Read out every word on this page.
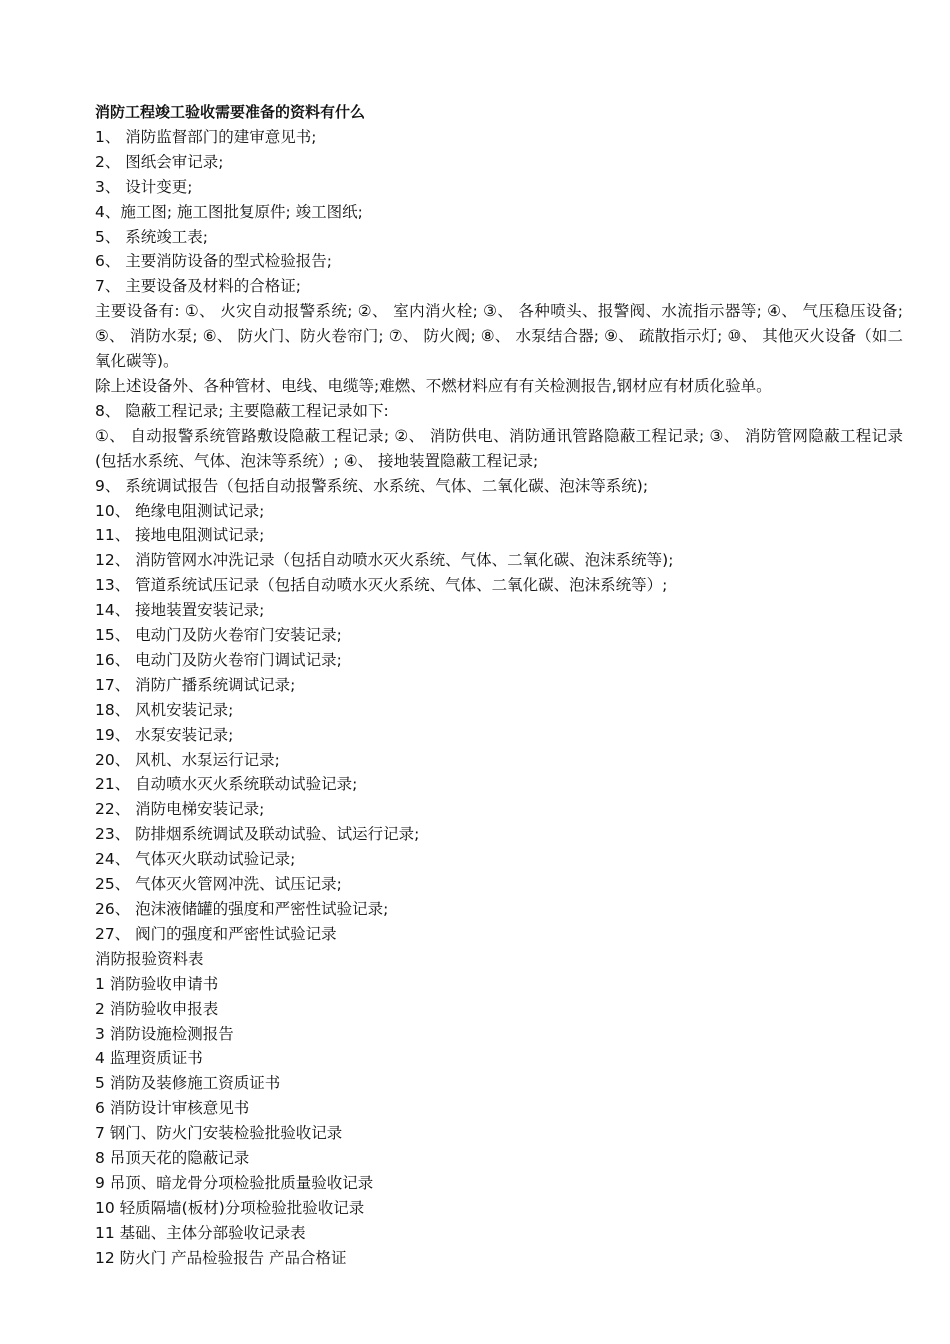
消防工程竣工验收需要准备的资料有什么
1、 消防监督部门的建审意见书;
2、 图纸会审记录;
3、 设计变更;
4、施工图; 施工图批复原件; 竣工图纸;
5、 系统竣工表;
6、 主要消防设备的型式检验报告;
7、 主要设备及材料的合格证;
主要设备有: ①、 火灾自动报警系统; ②、 室内消火栓; ③、 各种喷头、报警阀、水流指示器等; ④、 气压稳压设备; ⑤、 消防水泵; ⑥、 防火门、防火卷帘门; ⑦、 防火阀; ⑧、 水泵结合器; ⑨、 疏散指示灯; ⑩、 其他灭火设备（如二氧化碳等)。
除上述设备外、各种管材、电线、电缆等;难燃、不燃材料应有有关检测报告,钢材应有材质化验单。
8、 隐蔽工程记录; 主要隐蔽工程记录如下:
①、 自动报警系统管路敷设隐蔽工程记录; ②、 消防供电、消防通讯管路隐蔽工程记录; ③、 消防管网隐蔽工程记录(包括水系统、气体、泡沫等系统）; ④、 接地装置隐蔽工程记录;
9、 系统调试报告（包括自动报警系统、水系统、气体、二氧化碳、泡沫等系统);
10、 绝缘电阻测试记录;
11、 接地电阻测试记录;
12、 消防管网水冲洗记录（包括自动喷水灭火系统、气体、二氧化碳、泡沫系统等);
13、 管道系统试压记录（包括自动喷水灭火系统、气体、二氧化碳、泡沫系统等）;
14、 接地装置安装记录;
15、 电动门及防火卷帘门安装记录;
16、 电动门及防火卷帘门调试记录;
17、 消防广播系统调试记录;
18、 风机安装记录;
19、 水泵安装记录;
20、 风机、水泵运行记录;
21、 自动喷水灭火系统联动试验记录;
22、 消防电梯安装记录;
23、 防排烟系统调试及联动试验、试运行记录;
24、 气体灭火联动试验记录;
25、 气体灭火管网冲洗、试压记录;
26、 泡沫液储罐的强度和严密性试验记录;
27、 阀门的强度和严密性试验记录
消防报验资料表
1 消防验收申请书
2 消防验收申报表
3 消防设施检测报告
4 监理资质证书
5 消防及装修施工资质证书
6 消防设计审核意见书
7 钢门、防火门安装检验批验收记录
8 吊顶天花的隐蔽记录
9 吊顶、暗龙骨分项检验批质量验收记录
10 轻质隔墙(板材)分项检验批验收记录
11 基础、主体分部验收记录表
12 防火门 产品检验报告 产品合格证
